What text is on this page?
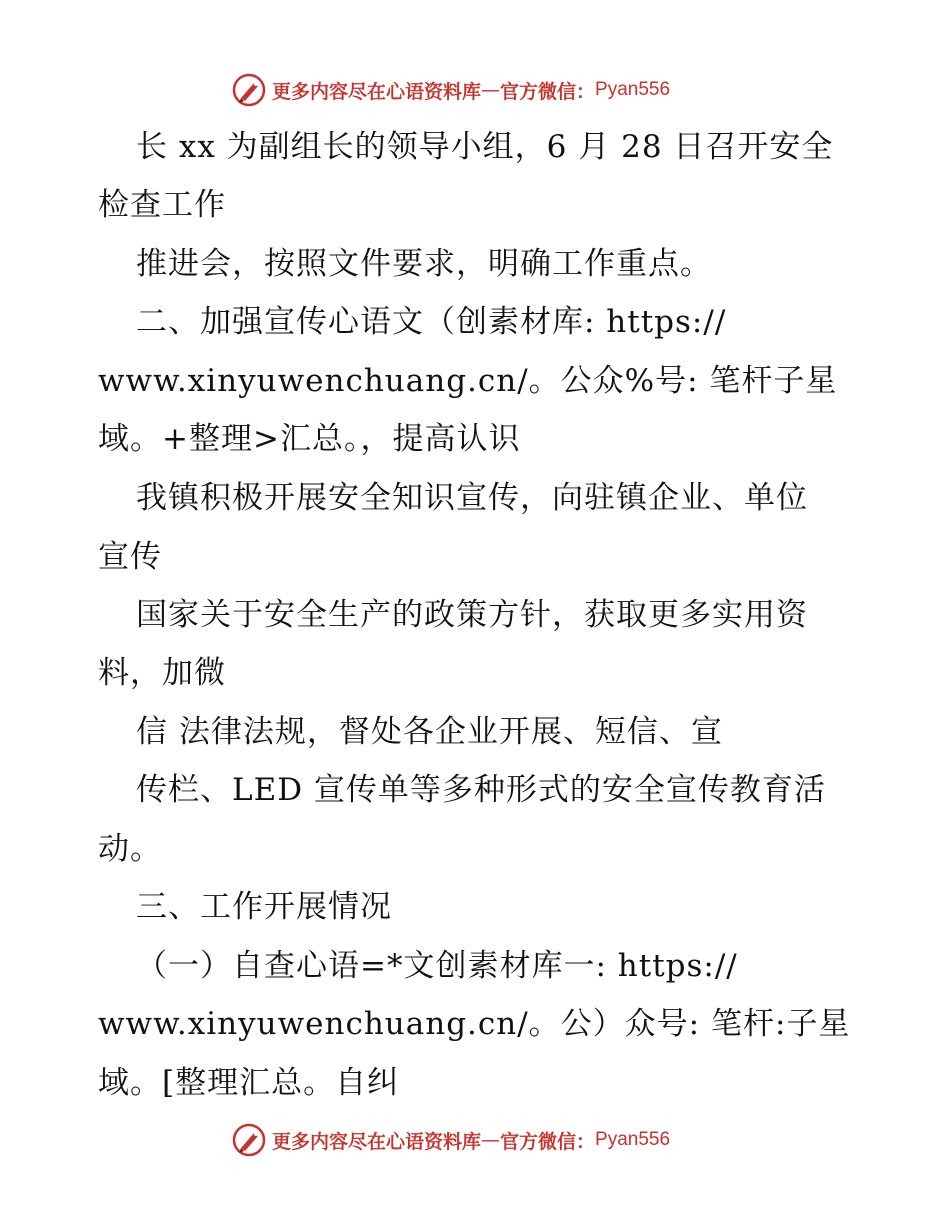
更多内容尽在心语资料库 — 官方微信： Pyan556
长 xx 为副组长的领导小组，6 月 28 日召开安全
检查工作
推进会，按照文件要求，明确工作重点。
二、加强宣传心语文（创素材库: https://
www.xinyuwenchuang.cn/。公众%号: 笔杆子星
域。+整理>汇总。，提高认识
我镇积极开展安全知识宣传，向驻镇企业、单位
宣传
国家关于安全生产的政策方针，获取更多实用资
料，加微
信 法律法规，督处各企业开展、短信、宣
传栏、LED 宣传单等多种形式的安全宣传教育活
动。
三、工作开展情况
（一）自查心语=*文创素材库一: https://
www.xinyuwenchuang.cn/。公）众号: 笔杆:子星
域。[整理汇总。自纠
更多内容尽在心语资料库 — 官方微信： Pyan556
